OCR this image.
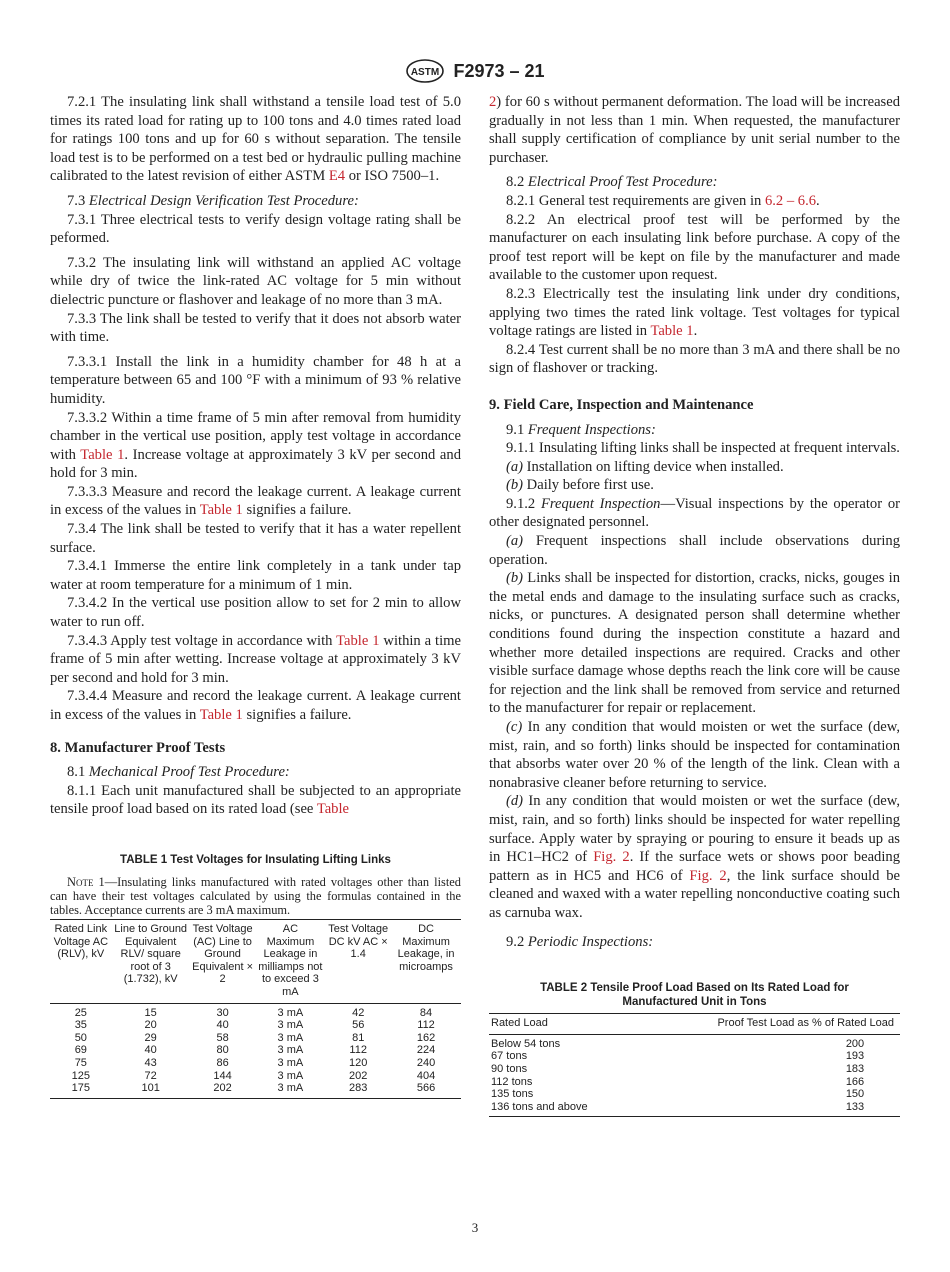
ASTM F2973 – 21

7.2.1 The insulating link shall withstand a tensile load test of 5.0 times its rated load for rating up to 100 tons and 4.0 times rated load for ratings 100 tons and up for 60 s without separation. The tensile load test is to be performed on a test bed or hydraulic pulling machine calibrated to the latest revision of either ASTM E4 or ISO 7500–1.

7.3 Electrical Design Verification Test Procedure:

7.3.1 Three electrical tests to verify design voltage rating shall be peformed.

7.3.2 The insulating link will withstand an applied AC voltage while dry of twice the link-rated AC voltage for 5 min without dielectric puncture or flashover and leakage of no more than 3 mA.

7.3.3 The link shall be tested to verify that it does not absorb water with time.

7.3.3.1 Install the link in a humidity chamber for 48 h at a temperature between 65 and 100 °F with a minimum of 93 % relative humidity.

7.3.3.2 Within a time frame of 5 min after removal from humidity chamber in the vertical use position, apply test voltage in accordance with Table 1. Increase voltage at approximately 3 kV per second and hold for 3 min.

7.3.3.3 Measure and record the leakage current. A leakage current in excess of the values in Table 1 signifies a failure.

7.3.4 The link shall be tested to verify that it has a water repellent surface.

7.3.4.1 Immerse the entire link completely in a tank under tap water at room temperature for a minimum of 1 min.

7.3.4.2 In the vertical use position allow to set for 2 min to allow water to run off.

7.3.4.3 Apply test voltage in accordance with Table 1 within a time frame of 5 min after wetting. Increase voltage at approximately 3 kV per second and hold for 3 min.

7.3.4.4 Measure and record the leakage current. A leakage current in excess of the values in Table 1 signifies a failure.

8. Manufacturer Proof Tests

8.1 Mechanical Proof Test Procedure:

8.1.1 Each unit manufactured shall be subjected to an appropriate tensile proof load based on its rated load (see Table

TABLE 1 Test Voltages for Insulating Lifting Links
Note 1—Insulating links manufactured with rated voltages other than listed can have their test voltages calculated by using the formulas contained in the tables. Acceptance currents are 3 mA maximum.
Rated Link Voltage AC (RLV), kV	Line to Ground Equivalent RLV/ square root of 3 (1.732), kV	Test Voltage (AC) Line to Ground Equivalent × 2	AC Maximum Leakage in milliamps not to exceed 3 mA	Test Voltage DC kV AC × 1.4	DC Maximum Leakage, in microamps
25	15	30	3 mA	42	84
35	20	40	3 mA	56	112
50	29	58	3 mA	81	162
69	40	80	3 mA	112	224
75	43	86	3 mA	120	240
125	72	144	3 mA	202	404
175	101	202	3 mA	283	566

2) for 60 s without permanent deformation. The load will be increased gradually in not less than 1 min. When requested, the manufacturer shall supply certification of compliance by unit serial number to the purchaser.

8.2 Electrical Proof Test Procedure:

8.2.1 General test requirements are given in 6.2 – 6.6.

8.2.2 An electrical proof test will be performed by the manufacturer on each insulating link before purchase. A copy of the proof test report will be kept on file by the manufacturer and made available to the customer upon request.

8.2.3 Electrically test the insulating link under dry conditions, applying two times the rated link voltage. Test voltages for typical voltage ratings are listed in Table 1.

8.2.4 Test current shall be no more than 3 mA and there shall be no sign of flashover or tracking.

9. Field Care, Inspection and Maintenance

9.1 Frequent Inspections:

9.1.1 Insulating lifting links shall be inspected at frequent intervals.

(a) Installation on lifting device when installed.

(b) Daily before first use.

9.1.2 Frequent Inspection—Visual inspections by the operator or other designated personnel.

(a) Frequent inspections shall include observations during operation.

(b) Links shall be inspected for distortion, cracks, nicks, gouges in the metal ends and damage to the insulating surface such as cracks, nicks, or punctures. A designated person shall determine whether conditions found during the inspection constitute a hazard and whether more detailed inspections are required. Cracks and other visible surface damage whose depths reach the link core will be cause for rejection and the link shall be removed from service and returned to the manufacturer for repair or replacement.

(c) In any condition that would moisten or wet the surface (dew, mist, rain, and so forth) links should be inspected for contamination that absorbs water over 20 % of the length of the link. Clean with a nonabrasive cleaner before returning to service.

(d) In any condition that would moisten or wet the surface (dew, mist, rain, and so forth) links should be inspected for water repelling surface. Apply water by spraying or pouring to ensure it beads up as in HC1–HC2 of Fig. 2. If the surface wets or shows poor beading pattern as in HC5 and HC6 of Fig. 2, the link surface should be cleaned and waxed with a water repelling nonconductive coating such as carnuba wax.

9.2 Periodic Inspections:

TABLE 2 Tensile Proof Load Based on Its Rated Load for Manufactured Unit in Tons
Rated Load	Proof Test Load as % of Rated Load
Below 54 tons	200
67 tons	193
90 tons	183
112 tons	166
135 tons	150
136 tons and above	133
3
